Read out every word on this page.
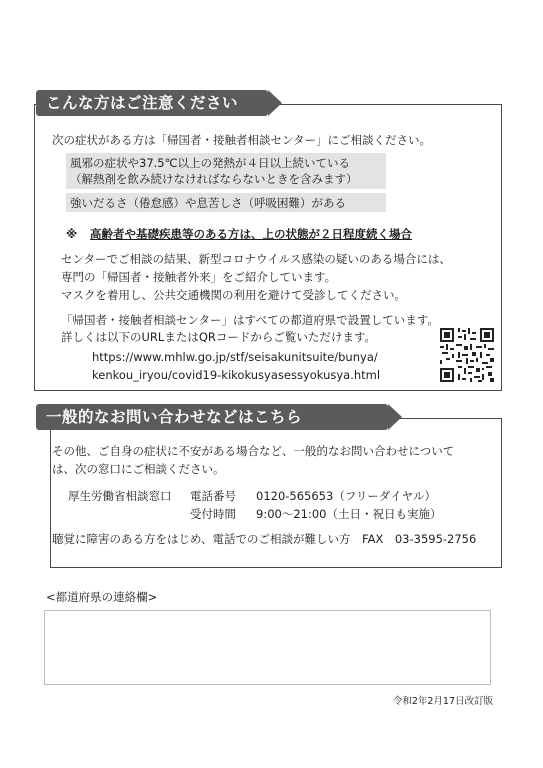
こんな方はご注意ください
次の症状がある方は「帰国者・接触者相談センター」にご相談ください。
風邪の症状や37.5℃以上の発熱が４日以上続いている
（解熱剤を飲み続けなければならないときを含みます）
強いだるさ（倦怠感）や息苦しさ（呼吸困難）がある
※ 高齢者や基礎疾患等のある方は、上の状態が２日程度続く場合
センターでご相談の結果、新型コロナウイルス感染の疑いのある場合には、
専門の「帰国者・接触者外来」をご紹介しています。
マスクを着用し、公共交通機関の利用を避けて受診してください。
「帰国者・接触者相談センター」はすべての都道府県で設置しています。
詳しくは以下のURLまたはQRコードからご覧いただけます。
https://www.mhlw.go.jp/stf/seisakunitsuite/bunya/
kenkou_iryou/covid19-kikokusyasessyokusya.html
一般的なお問い合わせなどはこちら
その他、ご自身の症状に不安がある場合など、一般的なお問い合わせについて
は、次の窓口にご相談ください。
厚生労働省相談窓口 電話番号 0120-565653（フリーダイヤル）
受付時間 9:00～21:00（土日・祝日も実施）
聴覚に障害のある方をはじめ、電話でのご相談が難しい方　FAX　03-3595-2756
<都道府県の連絡欄>
令和2年2月17日改訂版
